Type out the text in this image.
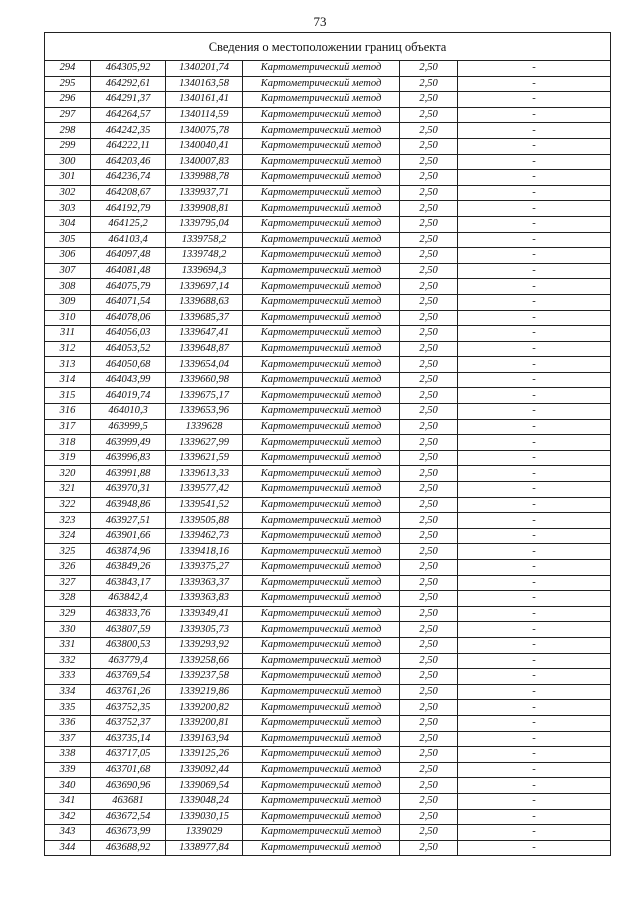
73
Сведения о местоположении границ объекта					
294	464305,92	1340201,74	Картометрический метод	2,50	-
295	464292,61	1340163,58	Картометрический метод	2,50	-
296	464291,37	1340161,41	Картометрический метод	2,50	-
297	464264,57	1340114,59	Картометрический метод	2,50	-
298	464242,35	1340075,78	Картометрический метод	2,50	-
299	464222,11	1340040,41	Картометрический метод	2,50	-
300	464203,46	1340007,83	Картометрический метод	2,50	-
301	464236,74	1339988,78	Картометрический метод	2,50	-
302	464208,67	1339937,71	Картометрический метод	2,50	-
303	464192,79	1339908,81	Картометрический метод	2,50	-
304	464125,2	1339795,04	Картометрический метод	2,50	-
305	464103,4	1339758,2	Картометрический метод	2,50	-
306	464097,48	1339748,2	Картометрический метод	2,50	-
307	464081,48	1339694,3	Картометрический метод	2,50	-
308	464075,79	1339697,14	Картометрический метод	2,50	-
309	464071,54	1339688,63	Картометрический метод	2,50	-
310	464078,06	1339685,37	Картометрический метод	2,50	-
311	464056,03	1339647,41	Картометрический метод	2,50	-
312	464053,52	1339648,87	Картометрический метод	2,50	-
313	464050,68	1339654,04	Картометрический метод	2,50	-
314	464043,99	1339660,98	Картометрический метод	2,50	-
315	464019,74	1339675,17	Картометрический метод	2,50	-
316	464010,3	1339653,96	Картометрический метод	2,50	-
317	463999,5	1339628	Картометрический метод	2,50	-
318	463999,49	1339627,99	Картометрический метод	2,50	-
319	463996,83	1339621,59	Картометрический метод	2,50	-
320	463991,88	1339613,33	Картометрический метод	2,50	-
321	463970,31	1339577,42	Картометрический метод	2,50	-
322	463948,86	1339541,52	Картометрический метод	2,50	-
323	463927,51	1339505,88	Картометрический метод	2,50	-
324	463901,66	1339462,73	Картометрический метод	2,50	-
325	463874,96	1339418,16	Картометрический метод	2,50	-
326	463849,26	1339375,27	Картометрический метод	2,50	-
327	463843,17	1339363,37	Картометрический метод	2,50	-
328	463842,4	1339363,83	Картометрический метод	2,50	-
329	463833,76	1339349,41	Картометрический метод	2,50	-
330	463807,59	1339305,73	Картометрический метод	2,50	-
331	463800,53	1339293,92	Картометрический метод	2,50	-
332	463779,4	1339258,66	Картометрический метод	2,50	-
333	463769,54	1339237,58	Картометрический метод	2,50	-
334	463761,26	1339219,86	Картометрический метод	2,50	-
335	463752,35	1339200,82	Картометрический метод	2,50	-
336	463752,37	1339200,81	Картометрический метод	2,50	-
337	463735,14	1339163,94	Картометрический метод	2,50	-
338	463717,05	1339125,26	Картометрический метод	2,50	-
339	463701,68	1339092,44	Картометрический метод	2,50	-
340	463690,96	1339069,54	Картометрический метод	2,50	-
341	463681	1339048,24	Картометрический метод	2,50	-
342	463672,54	1339030,15	Картометрический метод	2,50	-
343	463673,99	1339029	Картометрический метод	2,50	-
344	463688,92	1338977,84	Картометрический метод	2,50	-
